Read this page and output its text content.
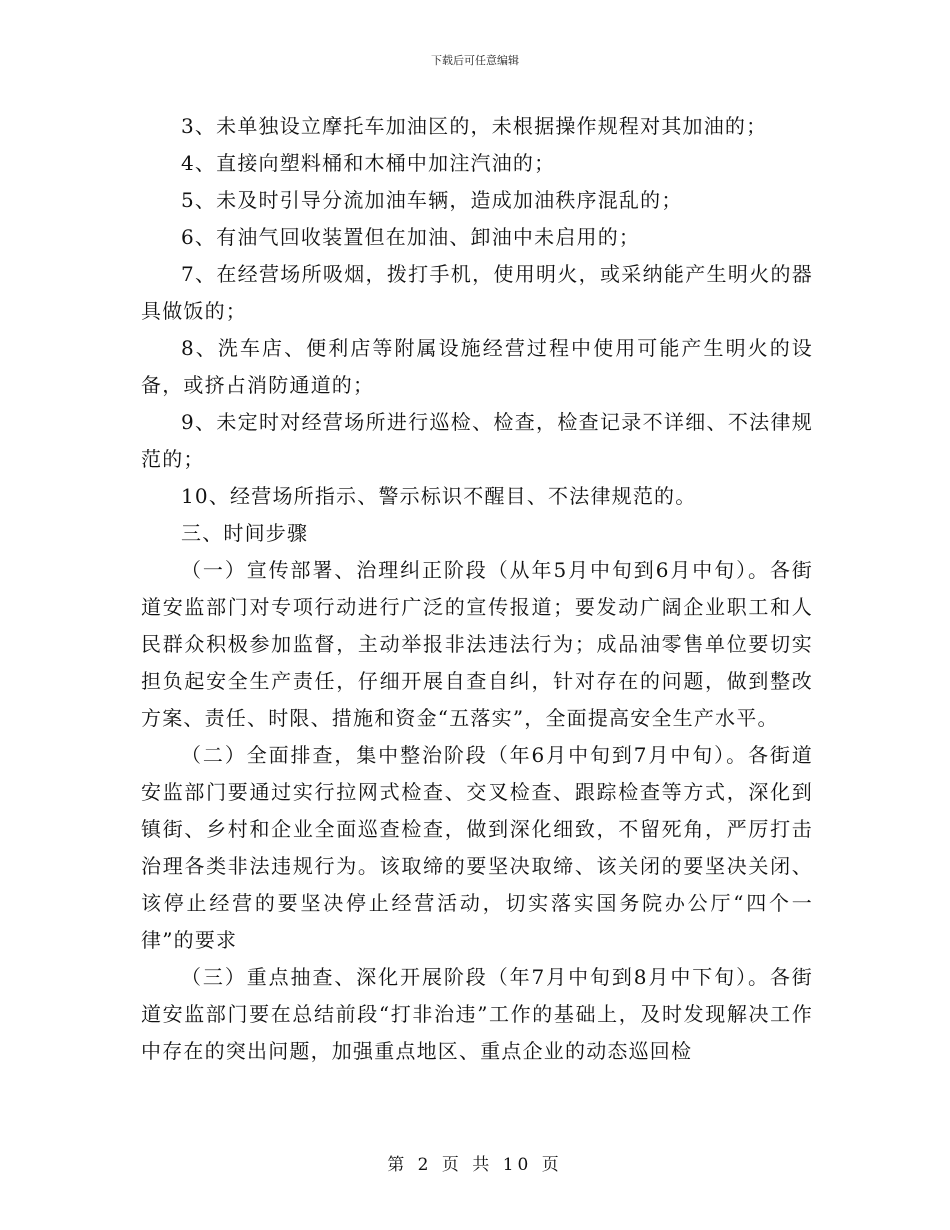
下载后可任意编辑

3、未单独设立摩托车加油区的，未根据操作规程对其加油的；

4、直接向塑料桶和木桶中加注汽油的；

5、未及时引导分流加油车辆，造成加油秩序混乱的；

6、有油气回收装置但在加油、卸油中未启用的；

7、在经营场所吸烟，拨打手机，使用明火，或采纳能产生明火的器具做饭的；

8、洗车店、便利店等附属设施经营过程中使用可能产生明火的设备，或挤占消防通道的；

9、未定时对经营场所进行巡检、检查，检查记录不详细、不法律规范的；

10、经营场所指示、警示标识不醒目、不法律规范的。

三、时间步骤

（一）宣传部署、治理纠正阶段（从年5月中旬到6月中旬）。各街道安监部门对专项行动进行广泛的宣传报道；要发动广阔企业职工和人民群众积极参加监督，主动举报非法违法行为；成品油零售单位要切实担负起安全生产责任，仔细开展自查自纠，针对存在的问题，做到整改方案、责任、时限、措施和资金“五落实”，全面提高安全生产水平。

（二）全面排查，集中整治阶段（年6月中旬到7月中旬）。各街道安监部门要通过实行拉网式检查、交叉检查、跟踪检查等方式，深化到镇街、乡村和企业全面巡查检查，做到深化细致，不留死角，严厉打击治理各类非法违规行为。该取缔的要坚决取缔、该关闭的要坚决关闭、该停止经营的要坚决停止经营活动，切实落实国务院办公厅“四个一律”的要求

（三）重点抽查、深化开展阶段（年7月中旬到8月中下旬）。各街道安监部门要在总结前段“打非治违”工作的基础上，及时发现解决工作中存在的突出问题，加强重点地区、重点企业的动态巡回检

第 2 页 共 10 页
